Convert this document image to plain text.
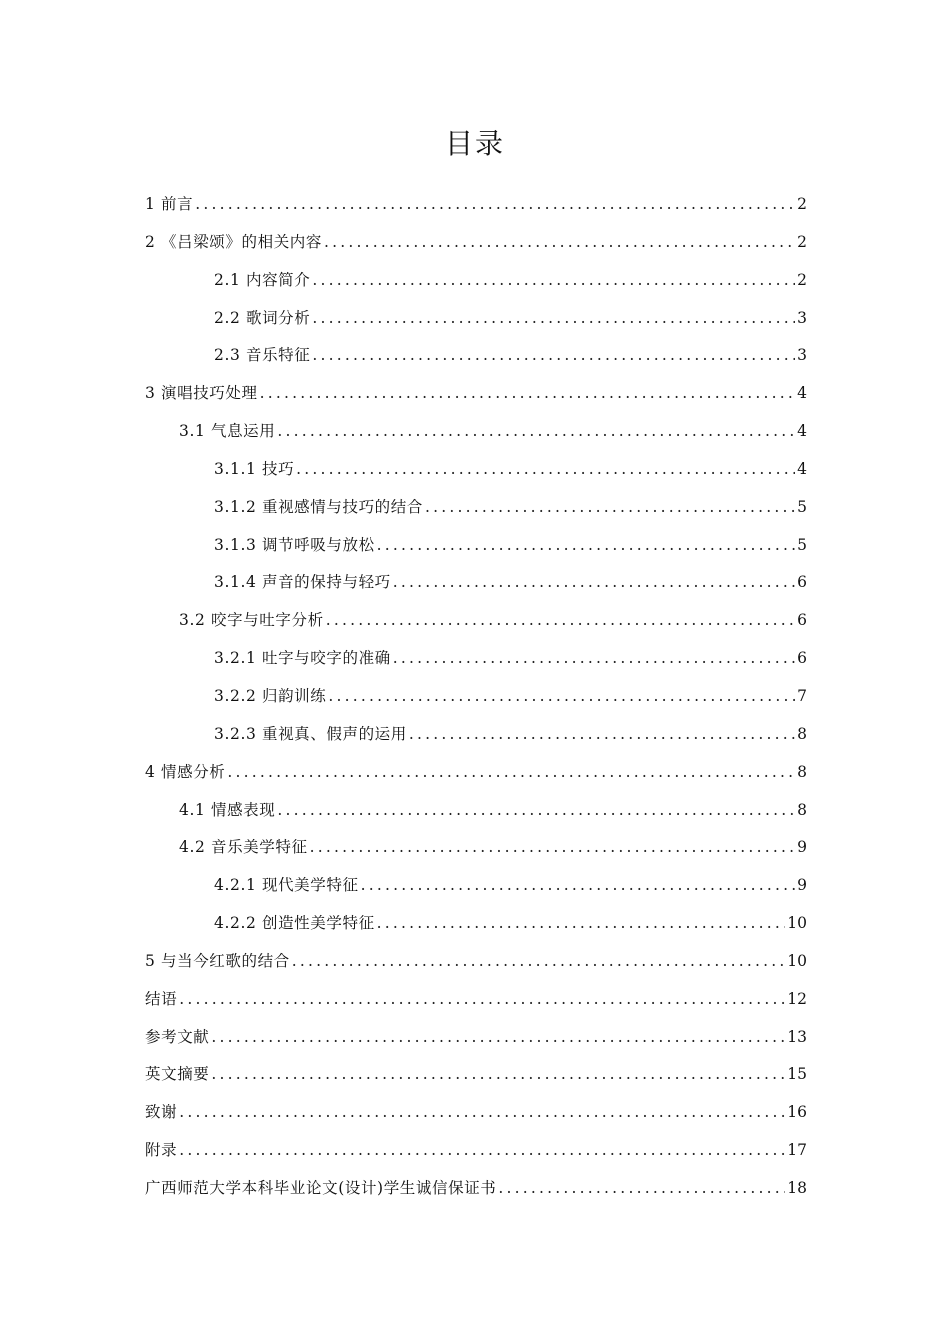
目录
1 前言 .....	2
2 《吕梁颂》的相关内容 .....	2
2.1 内容简介 .....	2
2.2 歌词分析 .....	3
2.3 音乐特征 .....	3
3 演唱技巧处理 .....	4
3.1 气息运用 .....	4
3.1.1 技巧 .....	4
3.1.2 重视感情与技巧的结合 .....	5
3.1.3 调节呼吸与放松 .....	5
3.1.4 声音的保持与轻巧 .....	6
3.2 咬字与吐字分析 .....	6
3.2.1 吐字与咬字的准确 .....	6
3.2.2 归韵训练 .....	7
3.2.3 重视真、假声的运用 .....	8
4 情感分析 .....	8
4.1 情感表现 .....	8
4.2 音乐美学特征 .....	9
4.2.1 现代美学特征 .....	9
4.2.2 创造性美学特征 .....	10
5 与当今红歌的结合 .....	10
结语 .....	12
参考文献 .....	13
英文摘要 .....	15
致谢 .....	16
附录 .....	17
广西师范大学本科毕业论文(设计)学生诚信保证书 .....	18
